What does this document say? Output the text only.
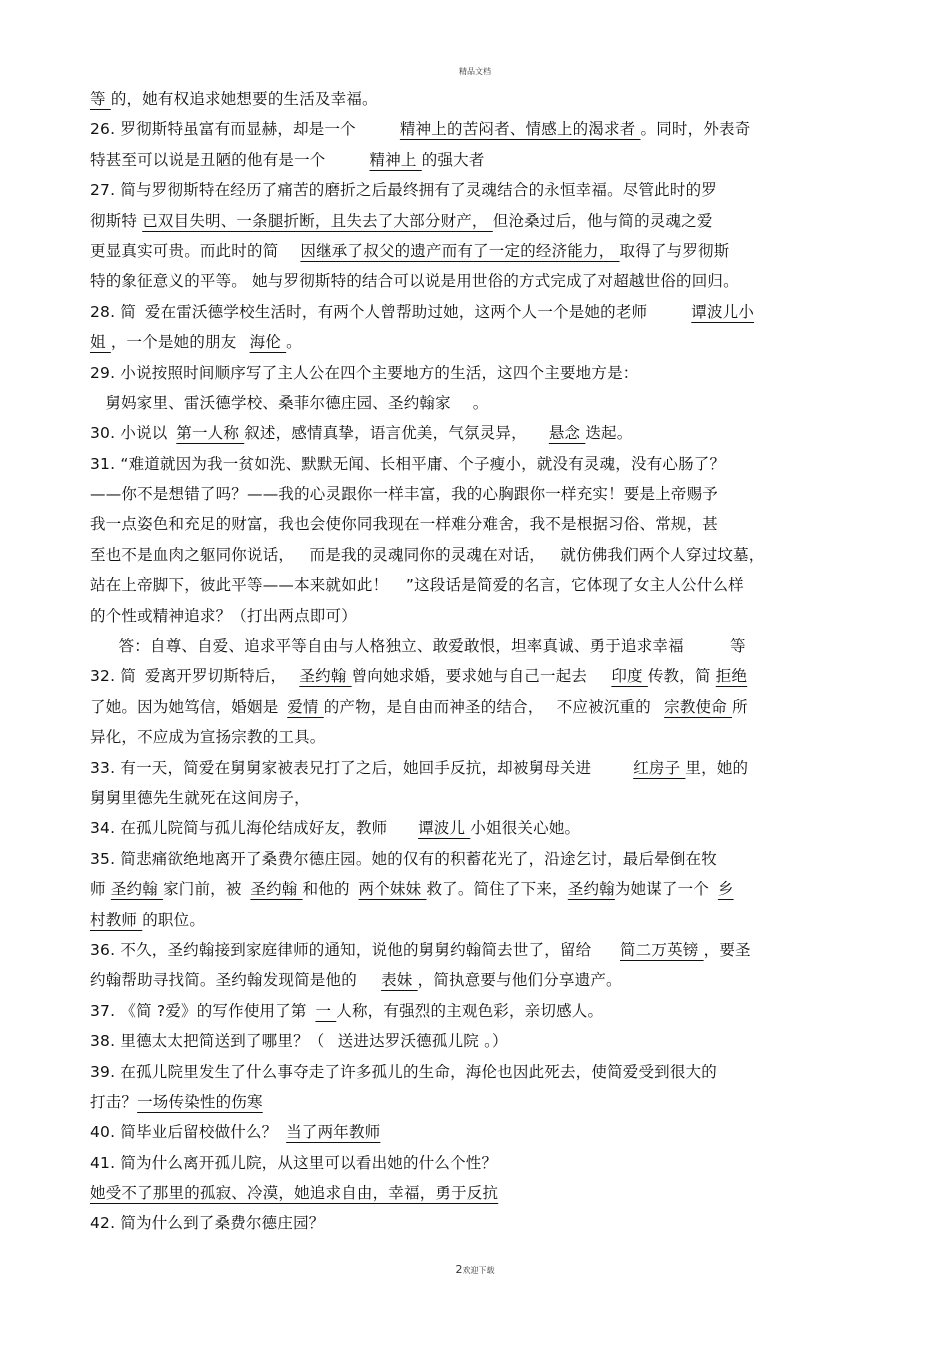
精品文档
等 的，她有权追求她想要的生活及幸福。
26. 罗彻斯特虽富有而显赫，却是一个	精神上的苦闷者、情感上的渴求者 。同时，外表奇
特甚至可以说是丑陋的他有是一个	精神上 的强大者
27. 简与罗彻斯特在经历了痛苦的磨折之后最终拥有了灵魂结合的永恒幸福。尽管此时的罗
彻斯特 已双目失明、一条腿折断，且失去了大部分财产， 但沧桑过后，他与简的灵魂之爱
更显真实可贵。而此时的简 因继承了叔父的遗产而有了一定的经济能力， 取得了与罗彻斯
特的象征意义的平等。 她与罗彻斯特的结合可以说是用世俗的方式完成了对超越世俗的回归。
28. 简 爱在雷沃德学校生活时，有两个人曾帮助过她，这两个人一个是她的老师	谭波儿小
姐 ，一个是她的朋友 海伦 。
29. 小说按照时间顺序写了主人公在四个主要地方的生活，这四个主要地方是：
舅妈家里、雷沃德学校、桑菲尔德庄园、圣约翰家 。
30. 小说以 第一人称 叙述，感情真挚，语言优美，气氛灵异， 悬念 迭起。
31. “难道就因为我一贫如洗、默默无闻、长相平庸、个子瘦小，就没有灵魂，没有心肠了？
——你不是想错了吗？——我的心灵跟你一样丰富，我的心胸跟你一样充实！要是上帝赐予
我一点姿色和充足的财富，我也会使你同我现在一样难分难舍，我不是根据习俗、常规，甚
至也不是血肉之躯同你说话， 而是我的灵魂同你的灵魂在对话， 就仿佛我们两个人穿过坟墓，
站在上帝脚下，彼此平等——本来就如此！ ”这段话是简爱的名言，它体现了女主人公什么样
的个性或精神追求？（打出两点即可）
答：自尊、自爱、追求平等自由与人格独立、敢爱敢恨，坦率真诚、勇于追求幸福	等
32. 简 爱离开罗切斯特后， 圣约翰 曾向她求婚，要求她与自己一起去 印度 传教，简 拒绝
了她。因为她笃信，婚姻是 爱情 的产物，是自由而神圣的结合， 不应被沉重的 宗教使命 所
异化，不应成为宣扬宗教的工具。
33. 有一天，简爱在舅舅家被表兄打了之后，她回手反抗，却被舅母关进	红房子 里，她的
舅舅里德先生就死在这间房子，
34. 在孤儿院简与孤儿海伦结成好友，教师 谭波儿 小姐很关心她。
35. 简悲痛欲绝地离开了桑费尔德庄园。她的仅有的积蓄花光了，沿途乞讨，最后晕倒在牧
师 圣约翰 家门前，被 圣约翰 和他的 两个妹妹 救了。简住了下来，圣约翰为她谋了一个 乡
村教师 的职位。
36. 不久，圣约翰接到家庭律师的通知，说他的舅舅约翰简去世了，留给 简二万英镑 ，要圣
约翰帮助寻找简。圣约翰发现简是他的 表妹 ，简执意要与他们分享遗产。
37. 《简 ?爱》的写作使用了第 一 人称，有强烈的主观色彩，亲切感人。
38. 里德太太把简送到了哪里？（ 送进达罗沃德孤儿院 。）
39. 在孤儿院里发生了什么事夺走了许多孤儿的生命，海伦也因此死去，使简爱受到很大的
打击？一场传染性的伤寒
40. 简毕业后留校做什么？ 当了两年教师
41. 简为什么离开孤儿院，从这里可以看出她的什么个性？
她受不了那里的孤寂、冷漠，她追求自由，幸福，勇于反抗
42. 简为什么到了桑费尔德庄园？
2欢迎下载
